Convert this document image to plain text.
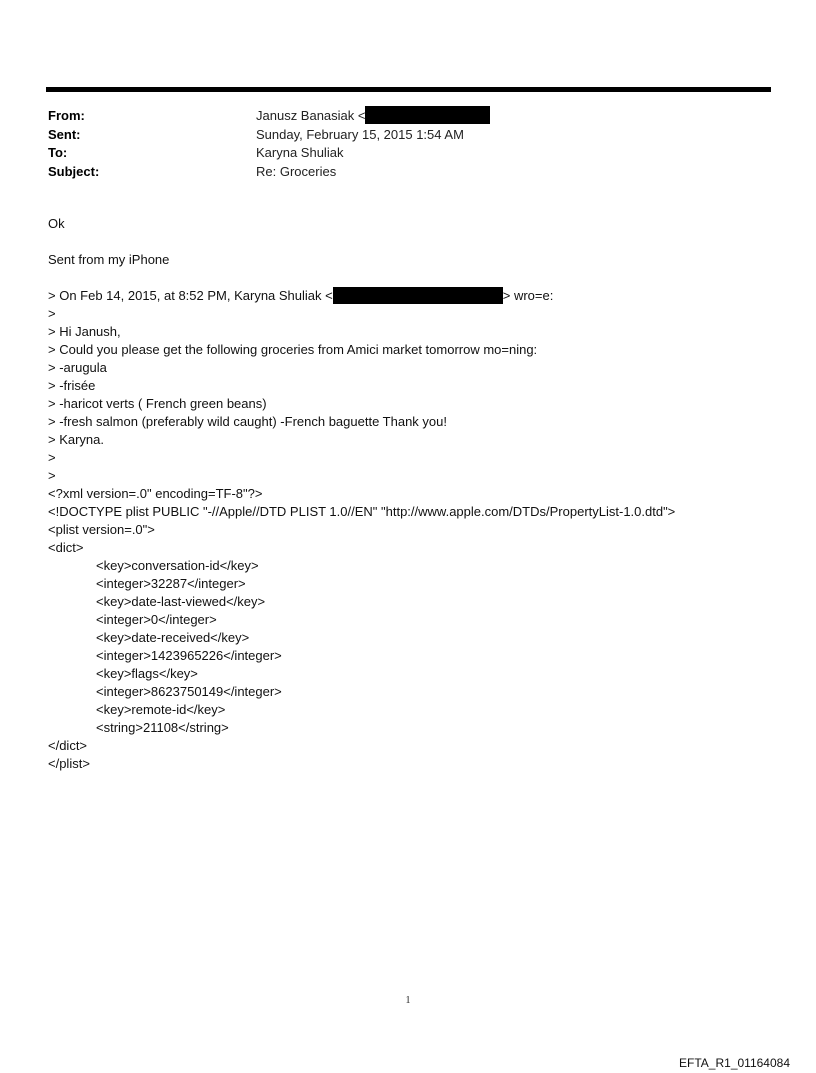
From:	Janusz Banasiak <
Sent:	Sunday, February 15, 2015 1:54 AM
To:	Karyna Shuliak
Subject:	Re: Groceries
Ok
Sent from my iPhone
> On Feb 14, 2015, at 8:52 PM, Karyna Shuliak <	> wro=e:
>
> Hi Janush,
> Could you please get the following groceries from Amici market tomorrow mo=ning:
> -arugula
> -frisée
> -haricot verts ( French green beans)
> -fresh salmon (preferably wild caught) -French baguette Thank you!
> Karyna.
>
>
<?xml version=.0" encoding=TF-8"?>
<!DOCTYPE plist PUBLIC "-//Apple//DTD PLIST 1.0//EN" "http://www.apple.com/DTDs/PropertyList-1.0.dtd">
<plist version=.0">
<dict>
<key>conversation-id</key>
<integer>32287</integer>
<key>date-last-viewed</key>
<integer>0</integer>
<key>date-received</key>
<integer>1423965226</integer>
<key>flags</key>
<integer>8623750149</integer>
<key>remote-id</key>
<string>21108</string>
</dict>
</plist>
1
EFTA_R1_01164084
